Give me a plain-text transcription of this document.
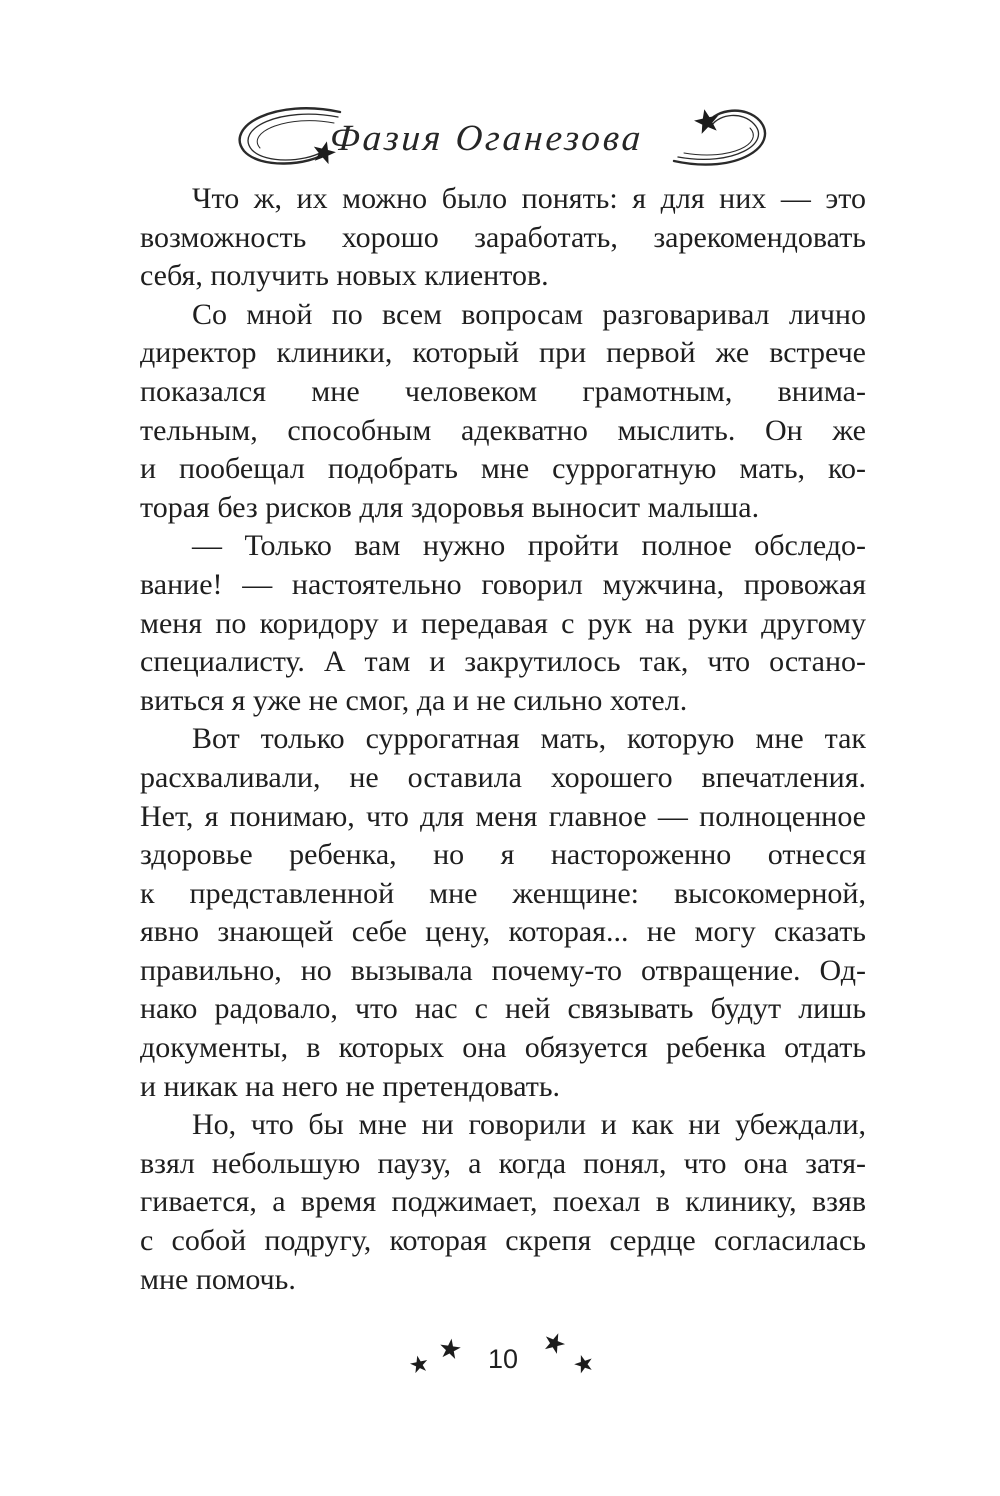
Фазия Оганезова
Что ж, их можно было понять: я для них — это
возможность хорошо заработать, зарекомендовать
себя, получить новых клиентов.
Со мной по всем вопросам разговаривал лично
директор клиники, который при первой же встрече
показался мне человеком грамотным, внима-
тельным, способным адекватно мыслить. Он же
и пообещал подобрать мне суррогатную мать, ко-
торая без рисков для здоровья выносит малыша.
— Только вам нужно пройти полное обследо-
вание! — настоятельно говорил мужчина, провожая
меня по коридору и передавая с рук на руки другому
специалисту. А там и закрутилось так, что остано-
виться я уже не смог, да и не сильно хотел.
Вот только суррогатная мать, которую мне так
расхваливали, не оставила хорошего впечатления.
Нет, я понимаю, что для меня главное — полноценное
здоровье ребенка, но я настороженно отнесся
к представленной мне женщине: высокомерной,
явно знающей себе цену, которая... не могу сказать
правильно, но вызывала почему-то отвращение. Од-
нако радовало, что нас с ней связывать будут лишь
документы, в которых она обязуется ребенка отдать
и никак на него не претендовать.
Но, что бы мне ни говорили и как ни убеждали,
взял небольшую паузу, а когда понял, что она затя-
гивается, а время поджимает, поехал в клинику, взяв
с собой подругу, которая скрепя сердце согласилась
мне помочь.
★ ★ 10 ★
★
